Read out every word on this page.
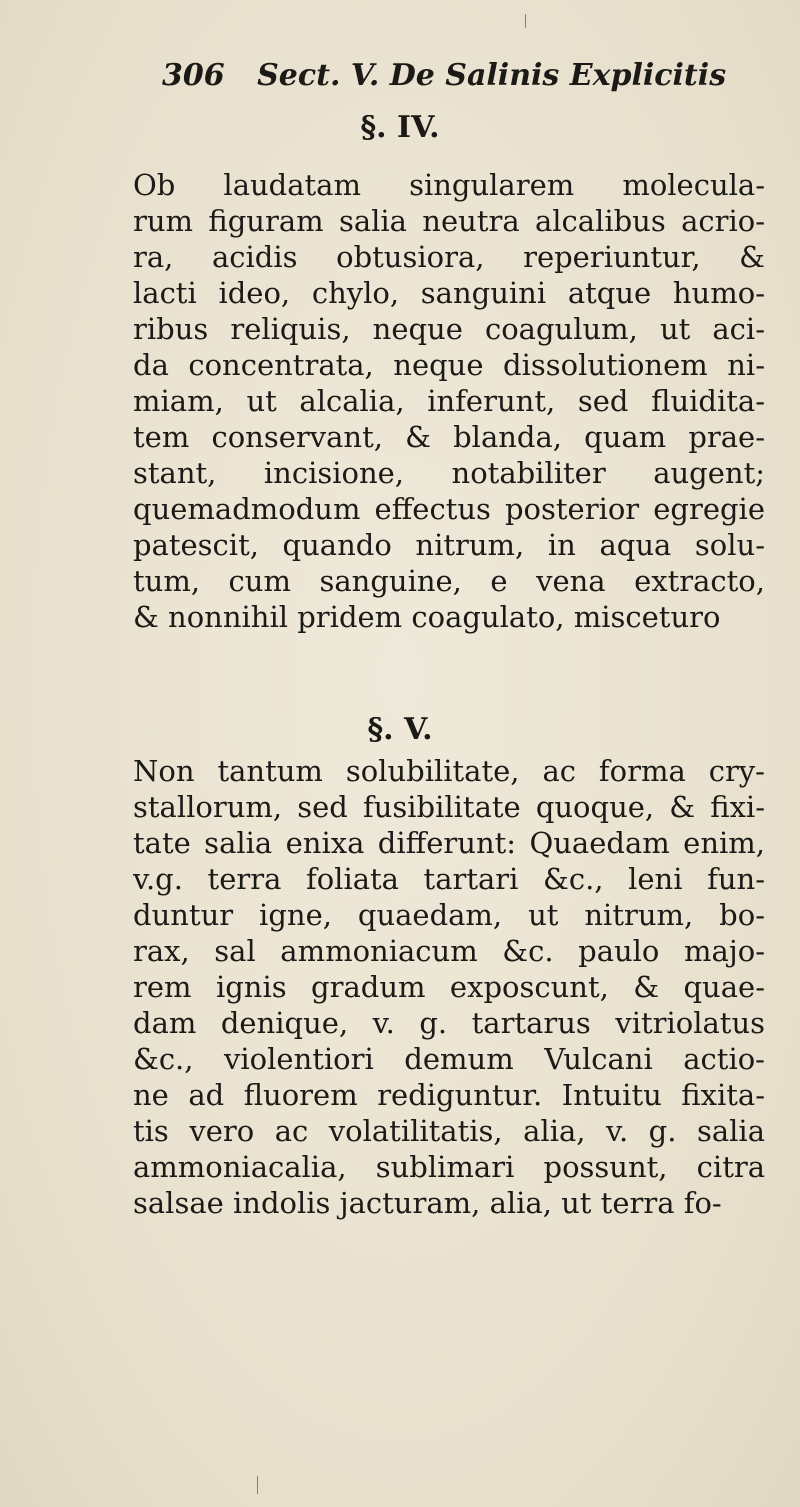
306 Sect. V. De Salinis Explicitis
§. IV.
Ob laudatam singularem molecula-
rum figuram salia neutra alcalibus acrio-
ra, acidis obtusiora, reperiuntur, &
lacti ideo, chylo, sanguini atque humo-
ribus reliquis, neque coagulum, ut aci-
da concentrata, neque dissolutionem ni-
miam, ut alcalia, inferunt, sed fluidita-
tem conservant, & blanda, quam prae-
stant, incisione, notabiliter augent;
quemadmodum effectus posterior egregie
patescit, quando nitrum, in aqua solu-
tum, cum sanguine, e vena extracto,
& nonnihil pridem coagulato, misceturo
§. V.
Non tantum solubilitate, ac forma cry-
stallorum, sed fusibilitate quoque, & fixi-
tate salia enixa differunt: Quaedam enim,
v.g. terra foliata tartari &c., leni fun-
duntur igne, quaedam, ut nitrum, bo-
rax, sal ammoniacum &c. paulo majo-
rem ignis gradum exposcunt, & quae-
dam denique, v. g. tartarus vitriolatus
&c., violentiori demum Vulcani actio-
ne ad fluorem rediguntur. Intuitu fixita-
tis vero ac volatilitatis, alia, v. g. salia
ammoniacalia, sublimari possunt, citra
salsae indolis jacturam, alia, ut terra fo-
